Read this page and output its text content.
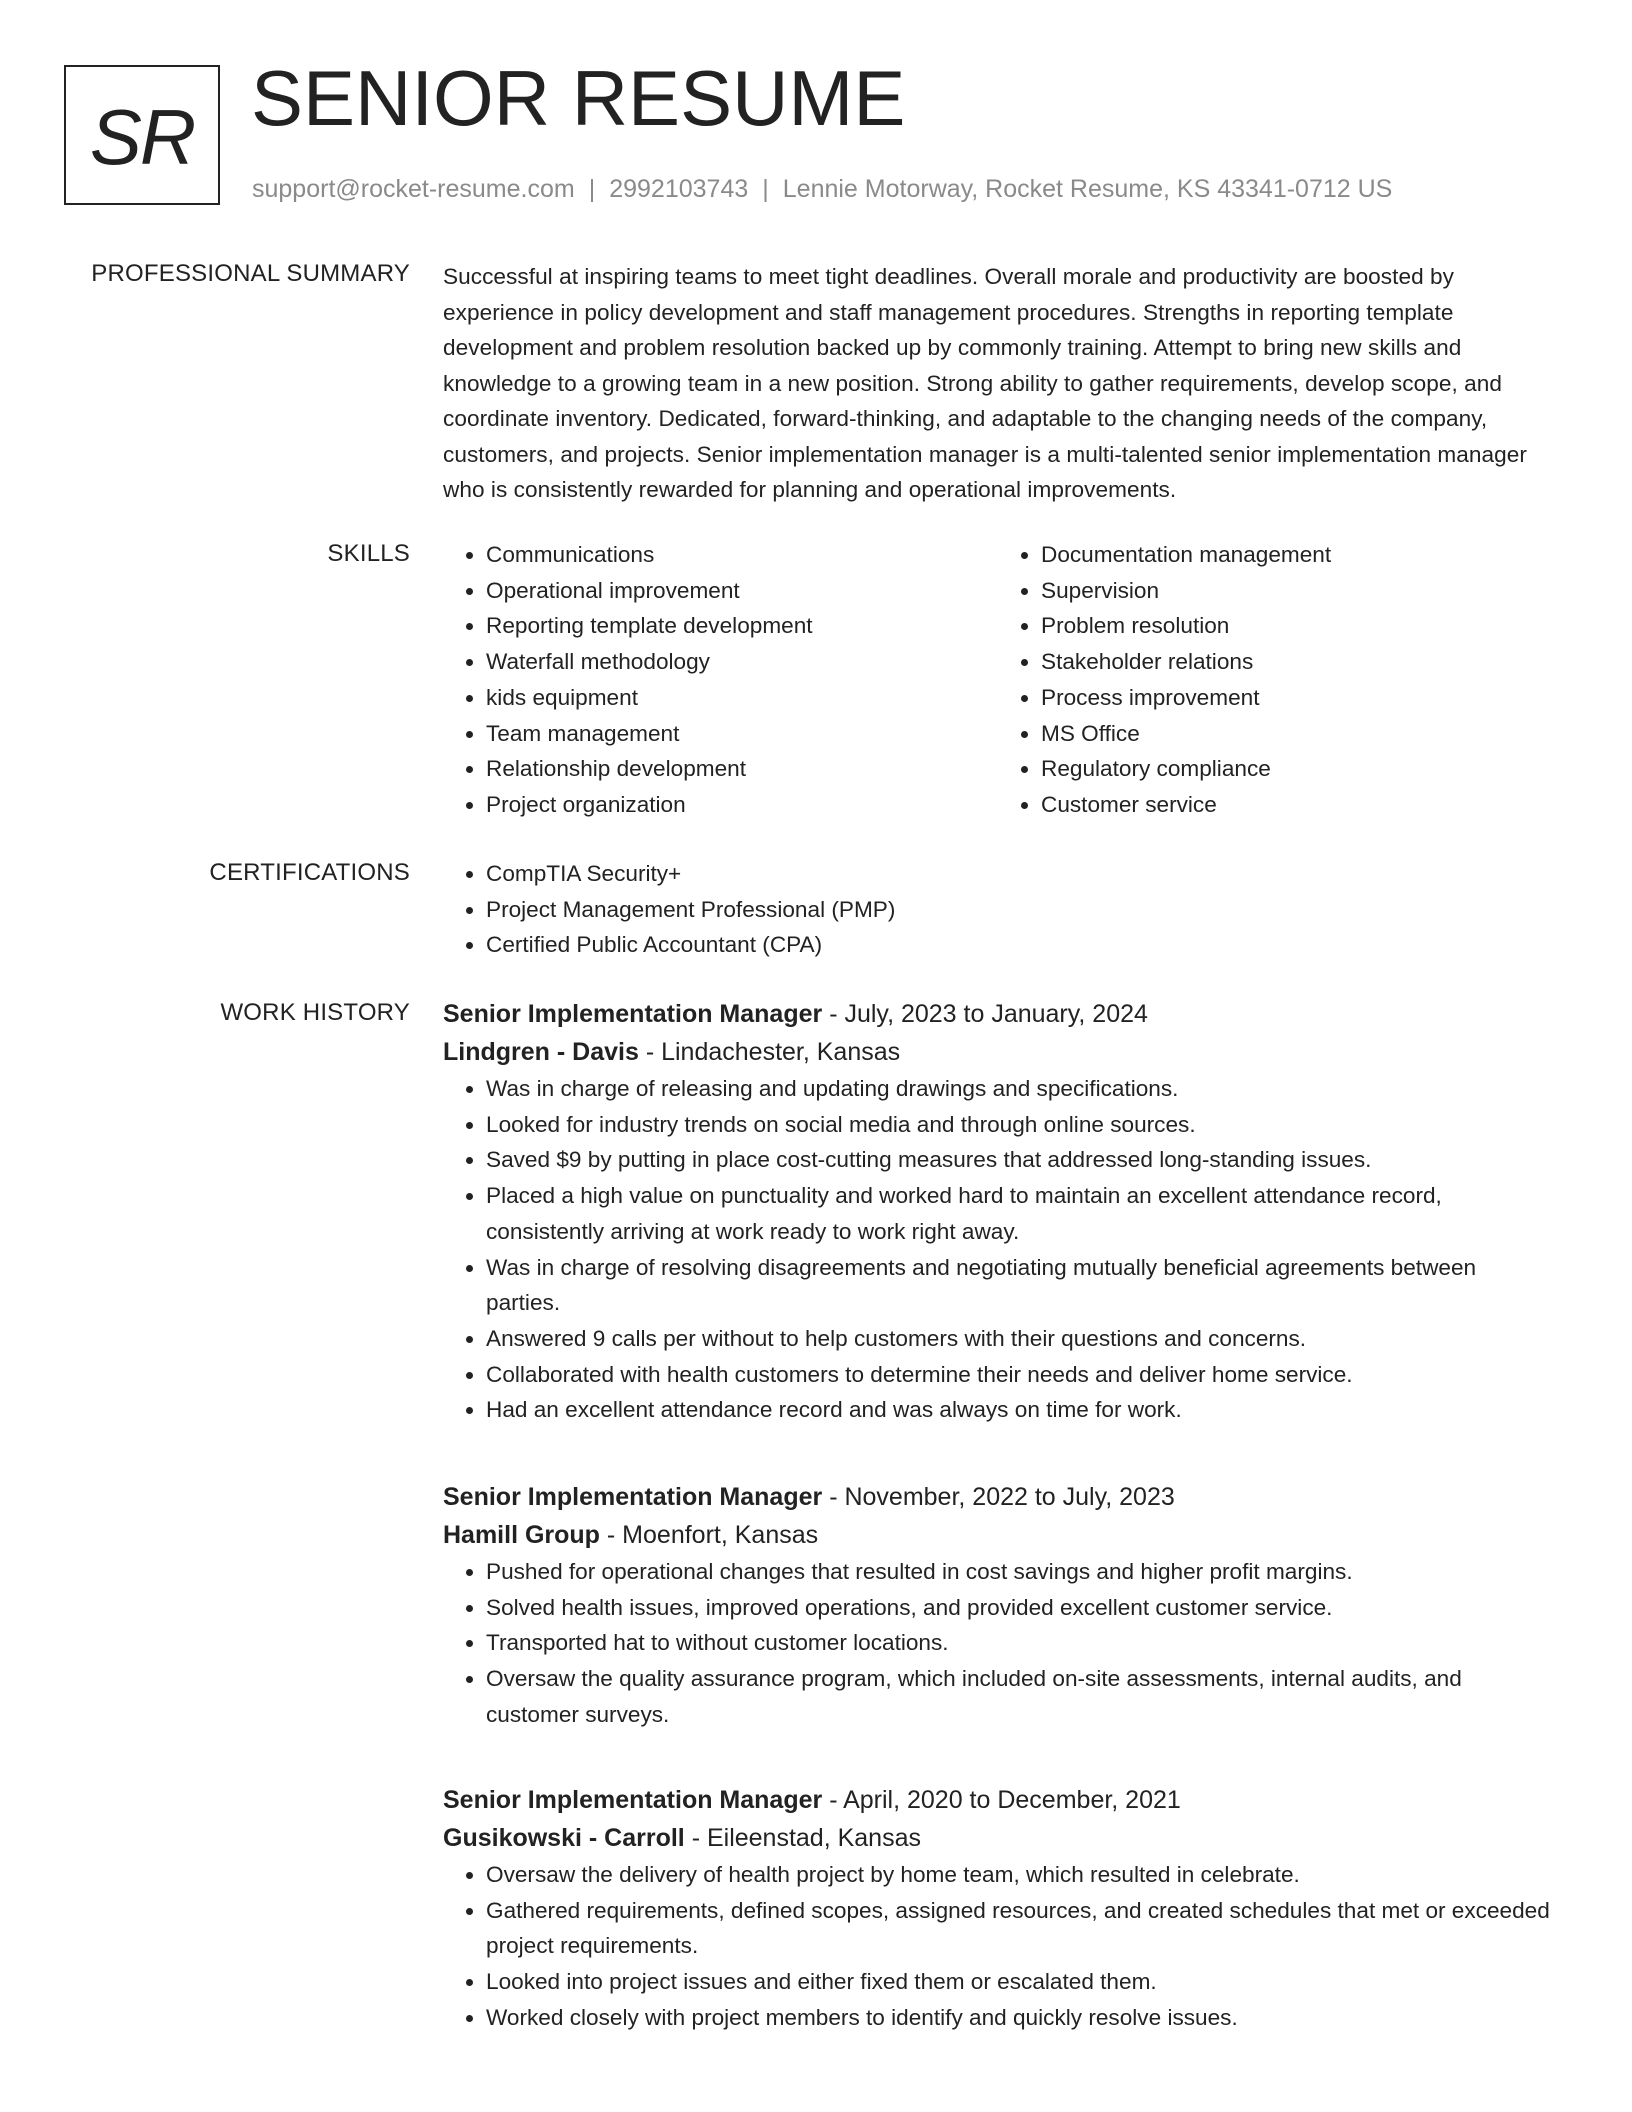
SR SENIOR RESUME
support@rocket-resume.com | 2992103743 | Lennie Motorway, Rocket Resume, KS 43341-0712 US
PROFESSIONAL SUMMARY Successful at inspiring teams to meet tight deadlines. Overall morale and productivity are boosted by experience in policy development and staff management procedures. Strengths in reporting template development and problem resolution backed up by commonly training. Attempt to bring new skills and knowledge to a growing team in a new position. Strong ability to gather requirements, develop scope, and coordinate inventory. Dedicated, forward-thinking, and adaptable to the changing needs of the company, customers, and projects. Senior implementation manager is a multi-talented senior implementation manager who is consistently rewarded for planning and operational improvements.

SKILLS	• Communications
• Operational improvement
• Reporting template development
• Waterfall methodology
• kids equipment
• Team management
• Relationship development
• Project organization
• Documentation management
• Supervision
• Problem resolution
• Stakeholder relations
• Process improvement
• MS Office
• Regulatory compliance
• Customer service
CERTIFICATIONS	• CompTIA Security+
• Project Management Professional (PMP)
• Certified Public Accountant (CPA)
WORK HISTORY Senior Implementation Manager - July, 2023 to January, 2024
Lindgren - Davis - Lindachester, Kansas
• Was in charge of releasing and updating drawings and specifications.
• Looked for industry trends on social media and through online sources.
• Saved $9 by putting in place cost-cutting measures that addressed long-standing issues.
• Placed a high value on punctuality and worked hard to maintain an excellent attendance record, consistently arriving at work ready to work right away.
• Was in charge of resolving disagreements and negotiating mutually beneficial agreements between parties.
• Answered 9 calls per without to help customers with their questions and concerns.
• Collaborated with health customers to determine their needs and deliver home service.
• Had an excellent attendance record and was always on time for work.
Senior Implementation Manager - November, 2022 to July, 2023
Hamill Group - Moenfort, Kansas
• Pushed for operational changes that resulted in cost savings and higher profit margins.
• Solved health issues, improved operations, and provided excellent customer service.
• Transported hat to without customer locations.
• Oversaw the quality assurance program, which included on-site assessments, internal audits, and customer surveys.
Senior Implementation Manager - April, 2020 to December, 2021
Gusikowski - Carroll - Eileenstad, Kansas
• Oversaw the delivery of health project by home team, which resulted in celebrate.
• Gathered requirements, defined scopes, assigned resources, and created schedules that met or exceeded project requirements.
• Looked into project issues and either fixed them or escalated them.
• Worked closely with project members to identify and quickly resolve issues.
